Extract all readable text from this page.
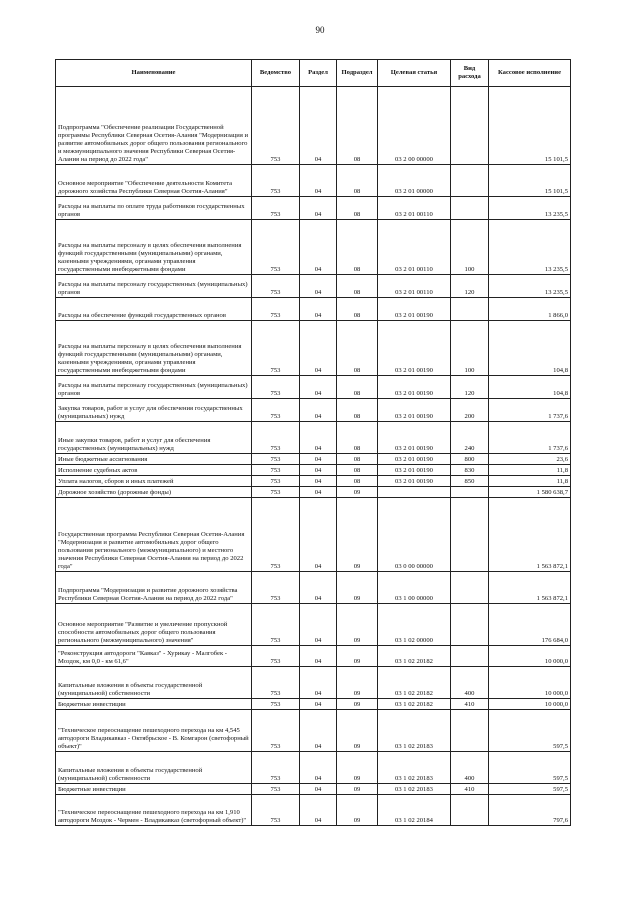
90
Наименование	Ведомство	Раздел	Подраздел	Целевая статья	Вид расхода	Кассовое исполнение
Подпрограмма "Обеспечение реализации Государственной программы Республики Северная Осетия-Алания "Модернизация и развитие автомобильных дорог общего пользования регионального и межмуниципального значения Республики Северная Осетия-Алания на период до 2022 года"	753	04	08	03 2 00 00000		15 101,5
Основное мероприятие "Обеспечение деятельности Комитета дорожного хозяйства Республики Северная Осетия-Алания"	753	04	08	03 2 01 00000		15 101,5
Расходы на выплаты по оплате труда работников государственных органов	753	04	08	03 2 01 00110		13 235,5
Расходы на выплаты персоналу в целях обеспечения выполнения функций государственными (муниципальными) органами, казенными учреждениями, органами управления государственными внебюджетными фондами	753	04	08	03 2 01 00110	100	13 235,5
Расходы на выплаты персоналу государственных (муниципальных) органов	753	04	08	03 2 01 00110	120	13 235,5
Расходы на обеспечение функций государственных органов	753	04	08	03 2 01 00190		1 866,0
Расходы на выплаты персоналу в целях обеспечения выполнения функций государственными (муниципальными) органами, казенными учреждениями, органами управления государственными внебюджетными фондами	753	04	08	03 2 01 00190	100	104,8
Расходы на выплаты персоналу государственных (муниципальных) органов	753	04	08	03 2 01 00190	120	104,8
Закупка товаров, работ и услуг для обеспечения государственных (муниципальных) нужд	753	04	08	03 2 01 00190	200	1 737,6
Иные закупки товаров, работ и услуг для обеспечения государственных (муниципальных) нужд	753	04	08	03 2 01 00190	240	1 737,6
Иные бюджетные ассигнования	753	04	08	03 2 01 00190	800	23,6
Исполнение судебных актов	753	04	08	03 2 01 00190	830	11,8
Уплата налогов, сборов и иных платежей	753	04	08	03 2 01 00190	850	11,8
Дорожное хозяйство (дорожные фонды)	753	04	09			1 580 638,7
Государственная программа Республики Северная Осетия-Алания "Модернизация и развитие автомобильных дорог общего пользования регионального (межмуниципального) и местного значения Республики Северная Осетия-Алания на период до 2022 года"	753	04	09	03 0 00 00000		1 563 872,1
Подпрограмма "Модернизация и развитие дорожного хозяйства Республики Северная Осетия-Алания на период до 2022 года"	753	04	09	03 1 00 00000		1 563 872,1
Основное мероприятие "Развитие и увеличение пропускной способности автомобильных дорог общего пользования регионального (межмуниципального) значения"	753	04	09	03 1 02 00000		176 684,0
"Реконструкция автодороги "Кавказ" - Хурикау - Малгобек - Моздок, км 0,0 - км 61,6"	753	04	09	03 1 02 20182		10 000,0
Капитальные вложения в объекты государственной (муниципальной) собственности	753	04	09	03 1 02 20182	400	10 000,0
Бюджетные инвестиции	753	04	09	03 1 02 20182	410	10 000,0
"Техническое переоснащение пешеходного перехода на км 4,545 автодороги Владикавказ - Октябрьское - В. Комгарон (светофорный объект)"	753	04	09	03 1 02 20183		597,5
Капитальные вложения в объекты государственной (муниципальной) собственности	753	04	09	03 1 02 20183	400	597,5
Бюджетные инвестиции	753	04	09	03 1 02 20183	410	597,5
"Техническое переоснащение пешеходного перехода на км 1,910 автодороги Моздок - Чермен - Владикавказ (светофорный объект)"	753	04	09	03 1 02 20184		797,6
